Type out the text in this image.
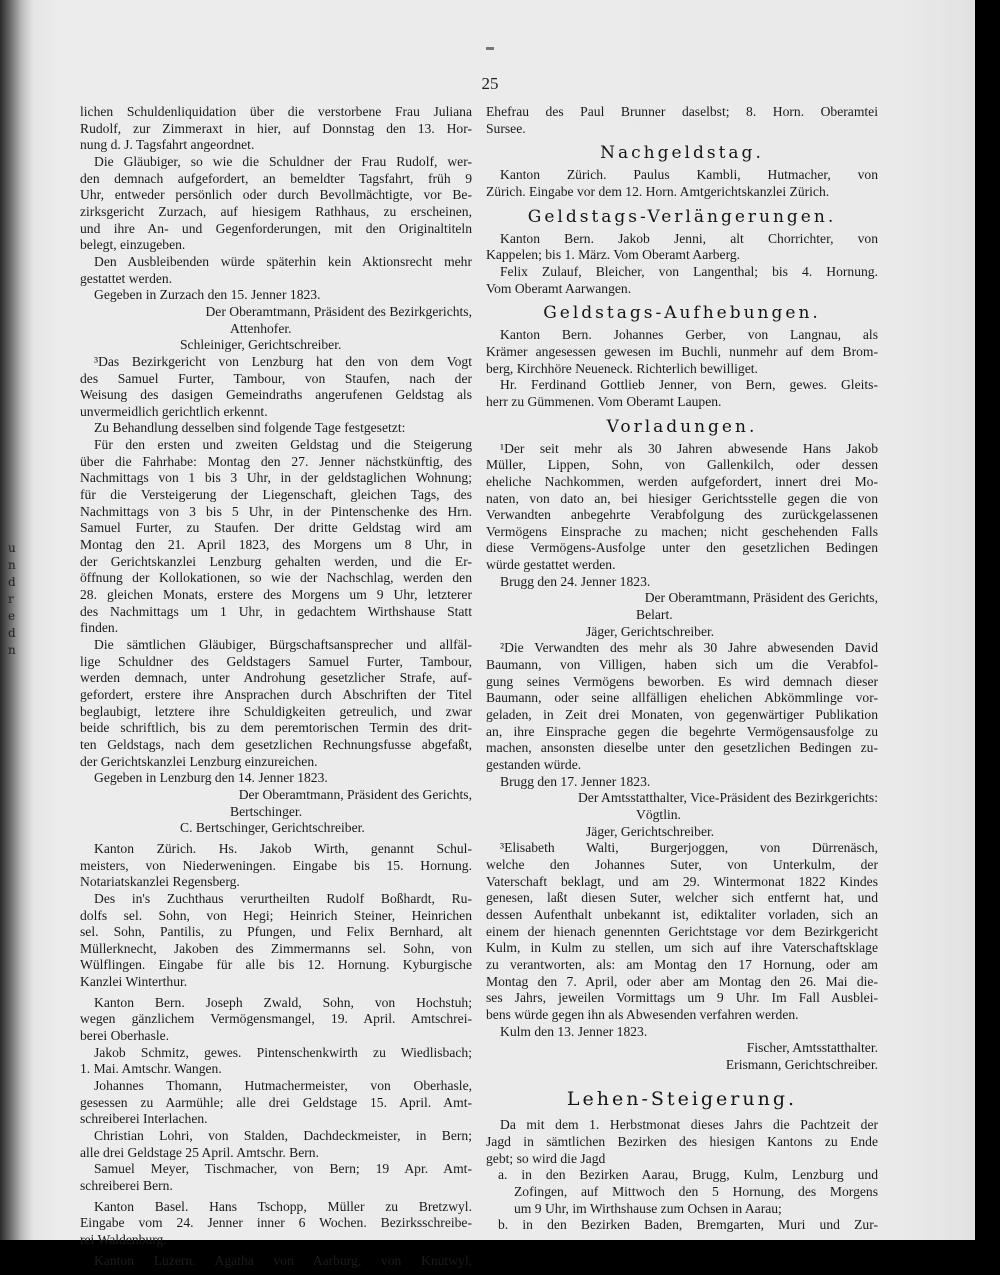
u
n
d
r
e
d
n
25
lichen Schuldenliquidation über die verstorbene Frau Juliana
Rudolf, zur Zimmeraxt in hier, auf Donnstag den 13. Hor-
nung d. J. Tagsfahrt angeordnet.
Die Gläubiger, so wie die Schuldner der Frau Rudolf, wer-
den demnach aufgefordert, an bemeldter Tagsfahrt, früh 9
Uhr, entweder persönlich oder durch Bevollmächtigte, vor Be-
zirksgericht Zurzach, auf hiesigem Rathhaus, zu erscheinen,
und ihre An- und Gegenforderungen, mit den Originaltiteln
belegt, einzugeben.
Den Ausbleibenden würde späterhin kein Aktionsrecht mehr
gestattet werden.
Gegeben in Zurzach den 15. Jenner 1823.
Der Oberamtmann, Präsident des Bezirkgerichts,
Attenhofer.
Schleiniger, Gerichtschreiber.
³Das Bezirkgericht von Lenzburg hat den von dem Vogt
des Samuel Furter, Tambour, von Staufen, nach der
Weisung des dasigen Gemeindraths angerufenen Geldstag als
unvermeidlich gerichtlich erkennt.
Zu Behandlung desselben sind folgende Tage festgesetzt:
Für den ersten und zweiten Geldstag und die Steigerung
über die Fahrhabe: Montag den 27. Jenner nächstkünftig, des
Nachmittags von 1 bis 3 Uhr, in der geldstaglichen Wohnung;
für die Versteigerung der Liegenschaft, gleichen Tags, des
Nachmittags von 3 bis 5 Uhr, in der Pintenschenke des Hrn.
Samuel Furter, zu Staufen. Der dritte Geldstag wird am
Montag den 21. April 1823, des Morgens um 8 Uhr, in
der Gerichtskanzlei Lenzburg gehalten werden, und die Er-
öffnung der Kollokationen, so wie der Nachschlag, werden den
28. gleichen Monats, erstere des Morgens um 9 Uhr, letzterer
des Nachmittags um 1 Uhr, in gedachtem Wirthshause Statt
finden.
Die sämtlichen Gläubiger, Bürgschaftsansprecher und allfäl-
lige Schuldner des Geldstagers Samuel Furter, Tambour,
werden demnach, unter Androhung gesetzlicher Strafe, auf-
gefordert, erstere ihre Ansprachen durch Abschriften der Titel
beglaubigt, letztere ihre Schuldigkeiten getreulich, und zwar
beide schriftlich, bis zu dem peremtorischen Termin des drit-
ten Geldstags, nach dem gesetzlichen Rechnungsfusse abgefaßt,
der Gerichtskanzlei Lenzburg einzureichen.
Gegeben in Lenzburg den 14. Jenner 1823.
Der Oberamtmann, Präsident des Gerichts,
Bertschinger.
C. Bertschinger, Gerichtschreiber.
Kanton Zürich. Hs. Jakob Wirth, genannt Schul-
meisters, von Niederweningen. Eingabe bis 15. Hornung.
Notariatskanzlei Regensberg.
Des in's Zuchthaus verurtheilten Rudolf Boßhardt, Ru-
dolfs sel. Sohn, von Hegi; Heinrich Steiner, Heinrichen
sel. Sohn, Pantilis, zu Pfungen, und Felix Bernhard, alt
Müllerknecht, Jakoben des Zimmermanns sel. Sohn, von
Wülflingen. Eingabe für alle bis 12. Hornung. Kyburgische
Kanzlei Winterthur.
Kanton Bern. Joseph Zwald, Sohn, von Hochstuh;
wegen gänzlichem Vermögensmangel, 19. April. Amtschrei-
berei Oberhasle.
Jakob Schmitz, gewes. Pintenschenkwirth zu Wiedlisbach;
1. Mai. Amtschr. Wangen.
Johannes Thomann, Hutmachermeister, von Oberhasle,
gesessen zu Aarmühle; alle drei Geldstage 15. April. Amt-
schreiberei Interlachen.
Christian Lohri, von Stalden, Dachdeckmeister, in Bern;
alle drei Geldstage 25 April. Amtschr. Bern.
Samuel Meyer, Tischmacher, von Bern; 19 Apr. Amt-
schreiberei Bern.
Kanton Basel. Hans Tschopp, Müller zu Bretzwyl.
Eingabe vom 24. Jenner inner 6 Wochen. Bezirksschreibe-
rei Waldenburg.
Kanton Luzern. Agatha von Aarburg, von Knutwyl,
Ehefrau des Paul Brunner daselbst; 8. Horn. Oberamtei
Sursee.
Nachgeldstag.
Kanton Zürich. Paulus Kambli, Hutmacher, von
Zürich. Eingabe vor dem 12. Horn. Amtgerichtskanzlei Zürich.
Geldstags-Verlängerungen.
Kanton Bern. Jakob Jenni, alt Chorrichter, von
Kappelen; bis 1. März. Vom Oberamt Aarberg.
Felix Zulauf, Bleicher, von Langenthal; bis 4. Hornung.
Vom Oberamt Aarwangen.
Geldstags-Aufhebungen.
Kanton Bern. Johannes Gerber, von Langnau, als
Krämer angesessen gewesen im Buchli, nunmehr auf dem Brom-
berg, Kirchhöre Neueneck. Richterlich bewilliget.
Hr. Ferdinand Gottlieb Jenner, von Bern, gewes. Gleits-
herr zu Gümmenen. Vom Oberamt Laupen.
Vorladungen.
¹Der seit mehr als 30 Jahren abwesende Hans Jakob
Müller, Lippen, Sohn, von Gallenkilch, oder dessen
eheliche Nachkommen, werden aufgefordert, innert drei Mo-
naten, von dato an, bei hiesiger Gerichtsstelle gegen die von
Verwandten anbegehrte Verabfolgung des zurückgelassenen
Vermögens Einsprache zu machen; nicht geschehenden Falls
diese Vermögens-Ausfolge unter den gesetzlichen Bedingen
würde gestattet werden.
Brugg den 24. Jenner 1823.
Der Oberamtmann, Präsident des Gerichts,
Belart.
Jäger, Gerichtschreiber.
²Die Verwandten des mehr als 30 Jahre abwesenden David
Baumann, von Villigen, haben sich um die Verabfol-
gung seines Vermögens beworben. Es wird demnach dieser
Baumann, oder seine allfälligen ehelichen Abkömmlinge vor-
geladen, in Zeit drei Monaten, von gegenwärtiger Publikation
an, ihre Einsprache gegen die begehrte Vermögensausfolge zu
machen, ansonsten dieselbe unter den gesetzlichen Bedingen zu-
gestanden würde.
Brugg den 17. Jenner 1823.
Der Amtsstatthalter, Vice-Präsident des Bezirkgerichts:
Vögtlin.
Jäger, Gerichtschreiber.
³Elisabeth Walti, Burgerjoggen, von Dürrenäsch,
welche den Johannes Suter, von Unterkulm, der
Vaterschaft beklagt, und am 29. Wintermonat 1822 Kindes
genesen, laßt diesen Suter, welcher sich entfernt hat, und
dessen Aufenthalt unbekannt ist, ediktaliter vorladen, sich an
einem der hienach genennten Gerichtstage vor dem Bezirkgericht
Kulm, in Kulm zu stellen, um sich auf ihre Vaterschaftsklage
zu verantworten, als: am Montag den 17 Hornung, oder am
Montag den 7. April, oder aber am Montag den 26. Mai die-
ses Jahrs, jeweilen Vormittags um 9 Uhr. Im Fall Ausblei-
bens würde gegen ihn als Abwesenden verfahren werden.
Kulm den 13. Jenner 1823.
Fischer, Amtsstatthalter.
Erismann, Gerichtschreiber.
Lehen-Steigerung.
Da mit dem 1. Herbstmonat dieses Jahrs die Pachtzeit der
Jagd in sämtlichen Bezirken des hiesigen Kantons zu Ende
gebt; so wird die Jagd
a. in den Bezirken Aarau, Brugg, Kulm, Lenzburg und
Zofingen, auf Mittwoch den 5 Hornung, des Morgens
um 9 Uhr, im Wirthshause zum Ochsen in Aarau;
b. in den Bezirken Baden, Bremgarten, Muri und Zur-
